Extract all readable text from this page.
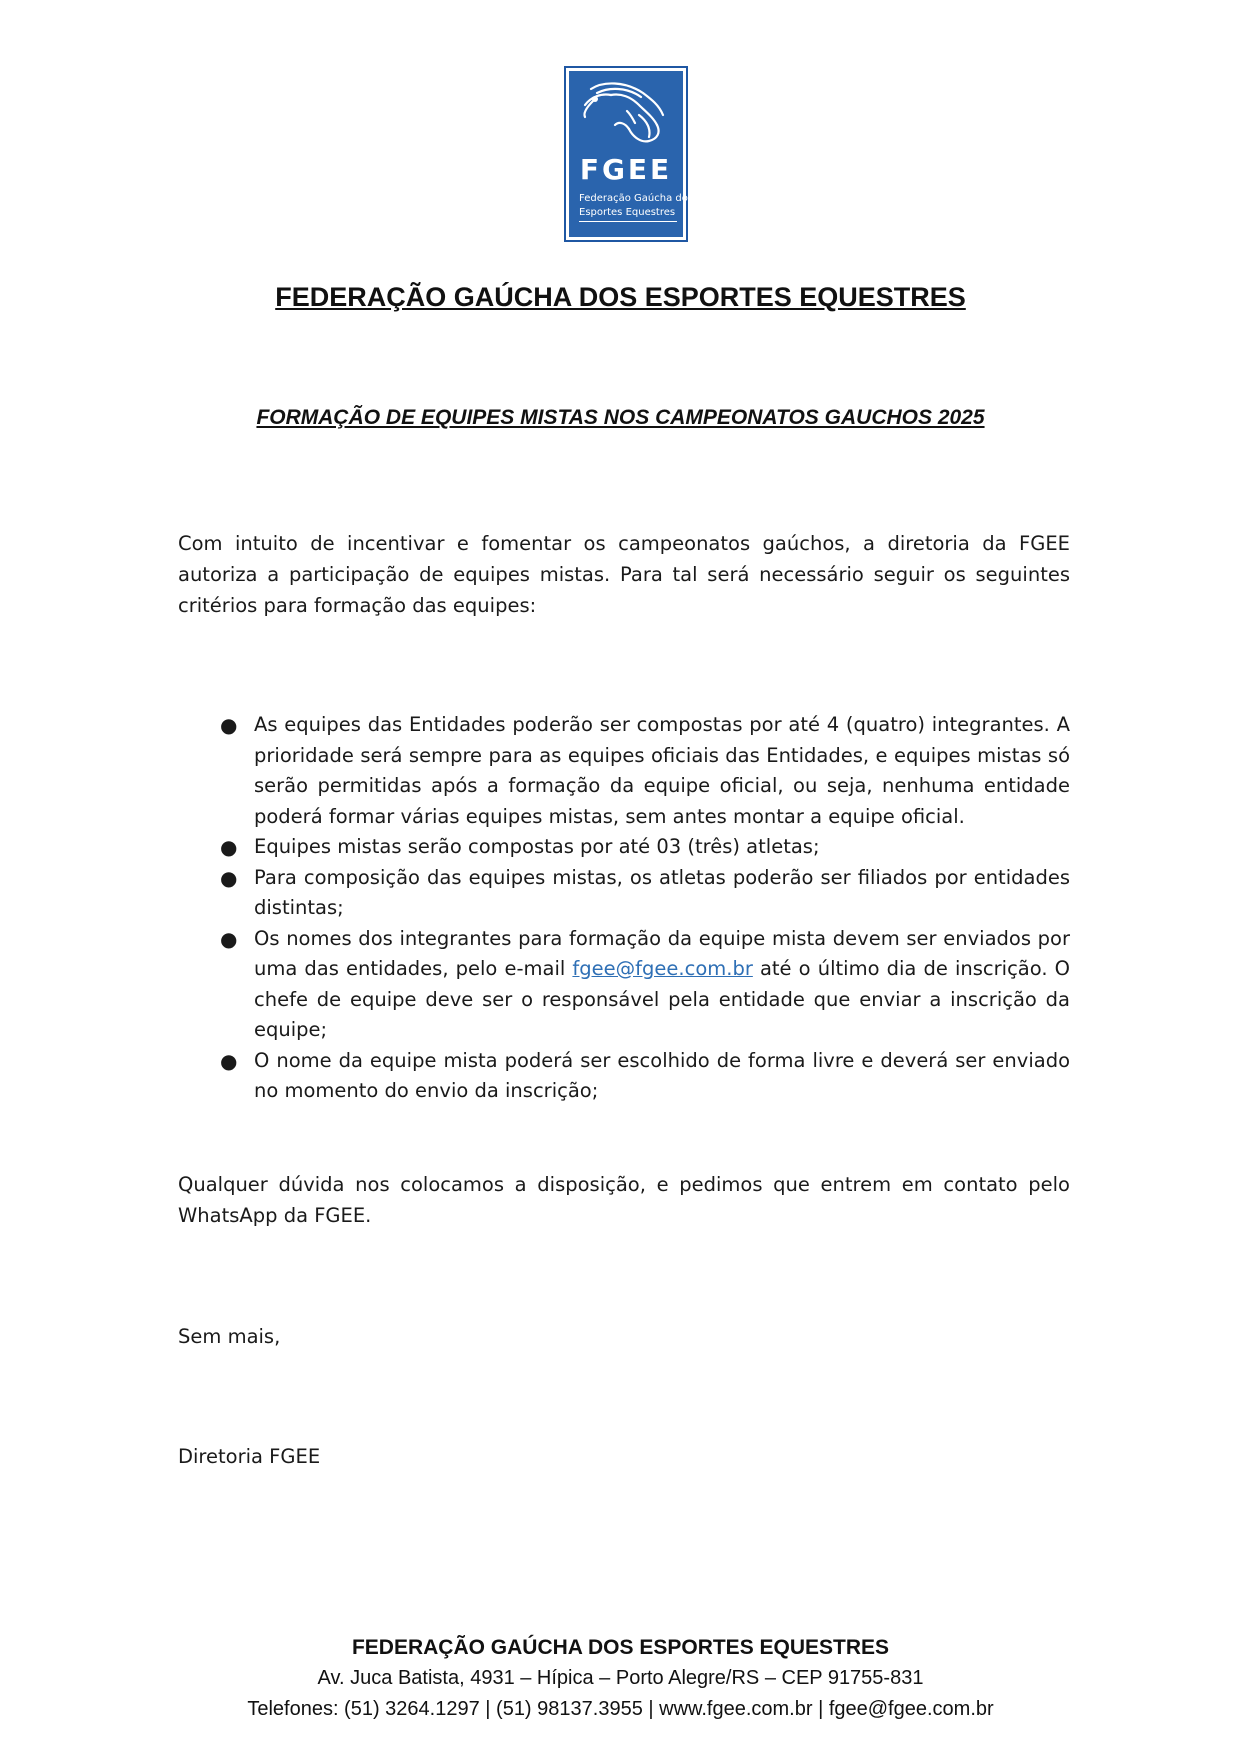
FGEE
Federação Gaúcha dos
Esportes Equestres
FEDERAÇÃO GAÚCHA DOS ESPORTES EQUESTRES
FORMAÇÃO DE EQUIPES MISTAS NOS CAMPEONATOS GAUCHOS 2025
Com intuito de incentivar e fomentar os campeonatos gaúchos, a diretoria da FGEE autoriza a participação de equipes mistas. Para tal será necessário seguir os seguintes critérios para formação das equipes:
● As equipes das Entidades poderão ser compostas por até 4 (quatro) integrantes. A prioridade será sempre para as equipes oficiais das Entidades, e equipes mistas só serão permitidas após a formação da equipe oficial, ou seja, nenhuma entidade poderá formar várias equipes mistas, sem antes montar a equipe oficial.
● Equipes mistas serão compostas por até 03 (três) atletas;
● Para composição das equipes mistas, os atletas poderão ser filiados por entidades distintas;
● Os nomes dos integrantes para formação da equipe mista devem ser enviados por uma das entidades, pelo e-mail fgee@fgee.com.br até o último dia de inscrição. O chefe de equipe deve ser o responsável pela entidade que enviar a inscrição da equipe;
● O nome da equipe mista poderá ser escolhido de forma livre e deverá ser enviado no momento do envio da inscrição;
Qualquer dúvida nos colocamos a disposição, e pedimos que entrem em contato pelo WhatsApp da FGEE.
Sem mais,
Diretoria FGEE
FEDERAÇÃO GAÚCHA DOS ESPORTES EQUESTRES
Av. Juca Batista, 4931 – Hípica – Porto Alegre/RS – CEP 91755-831
Telefones: (51) 3264.1297 | (51) 98137.3955 | www.fgee.com.br | fgee@fgee.com.br
